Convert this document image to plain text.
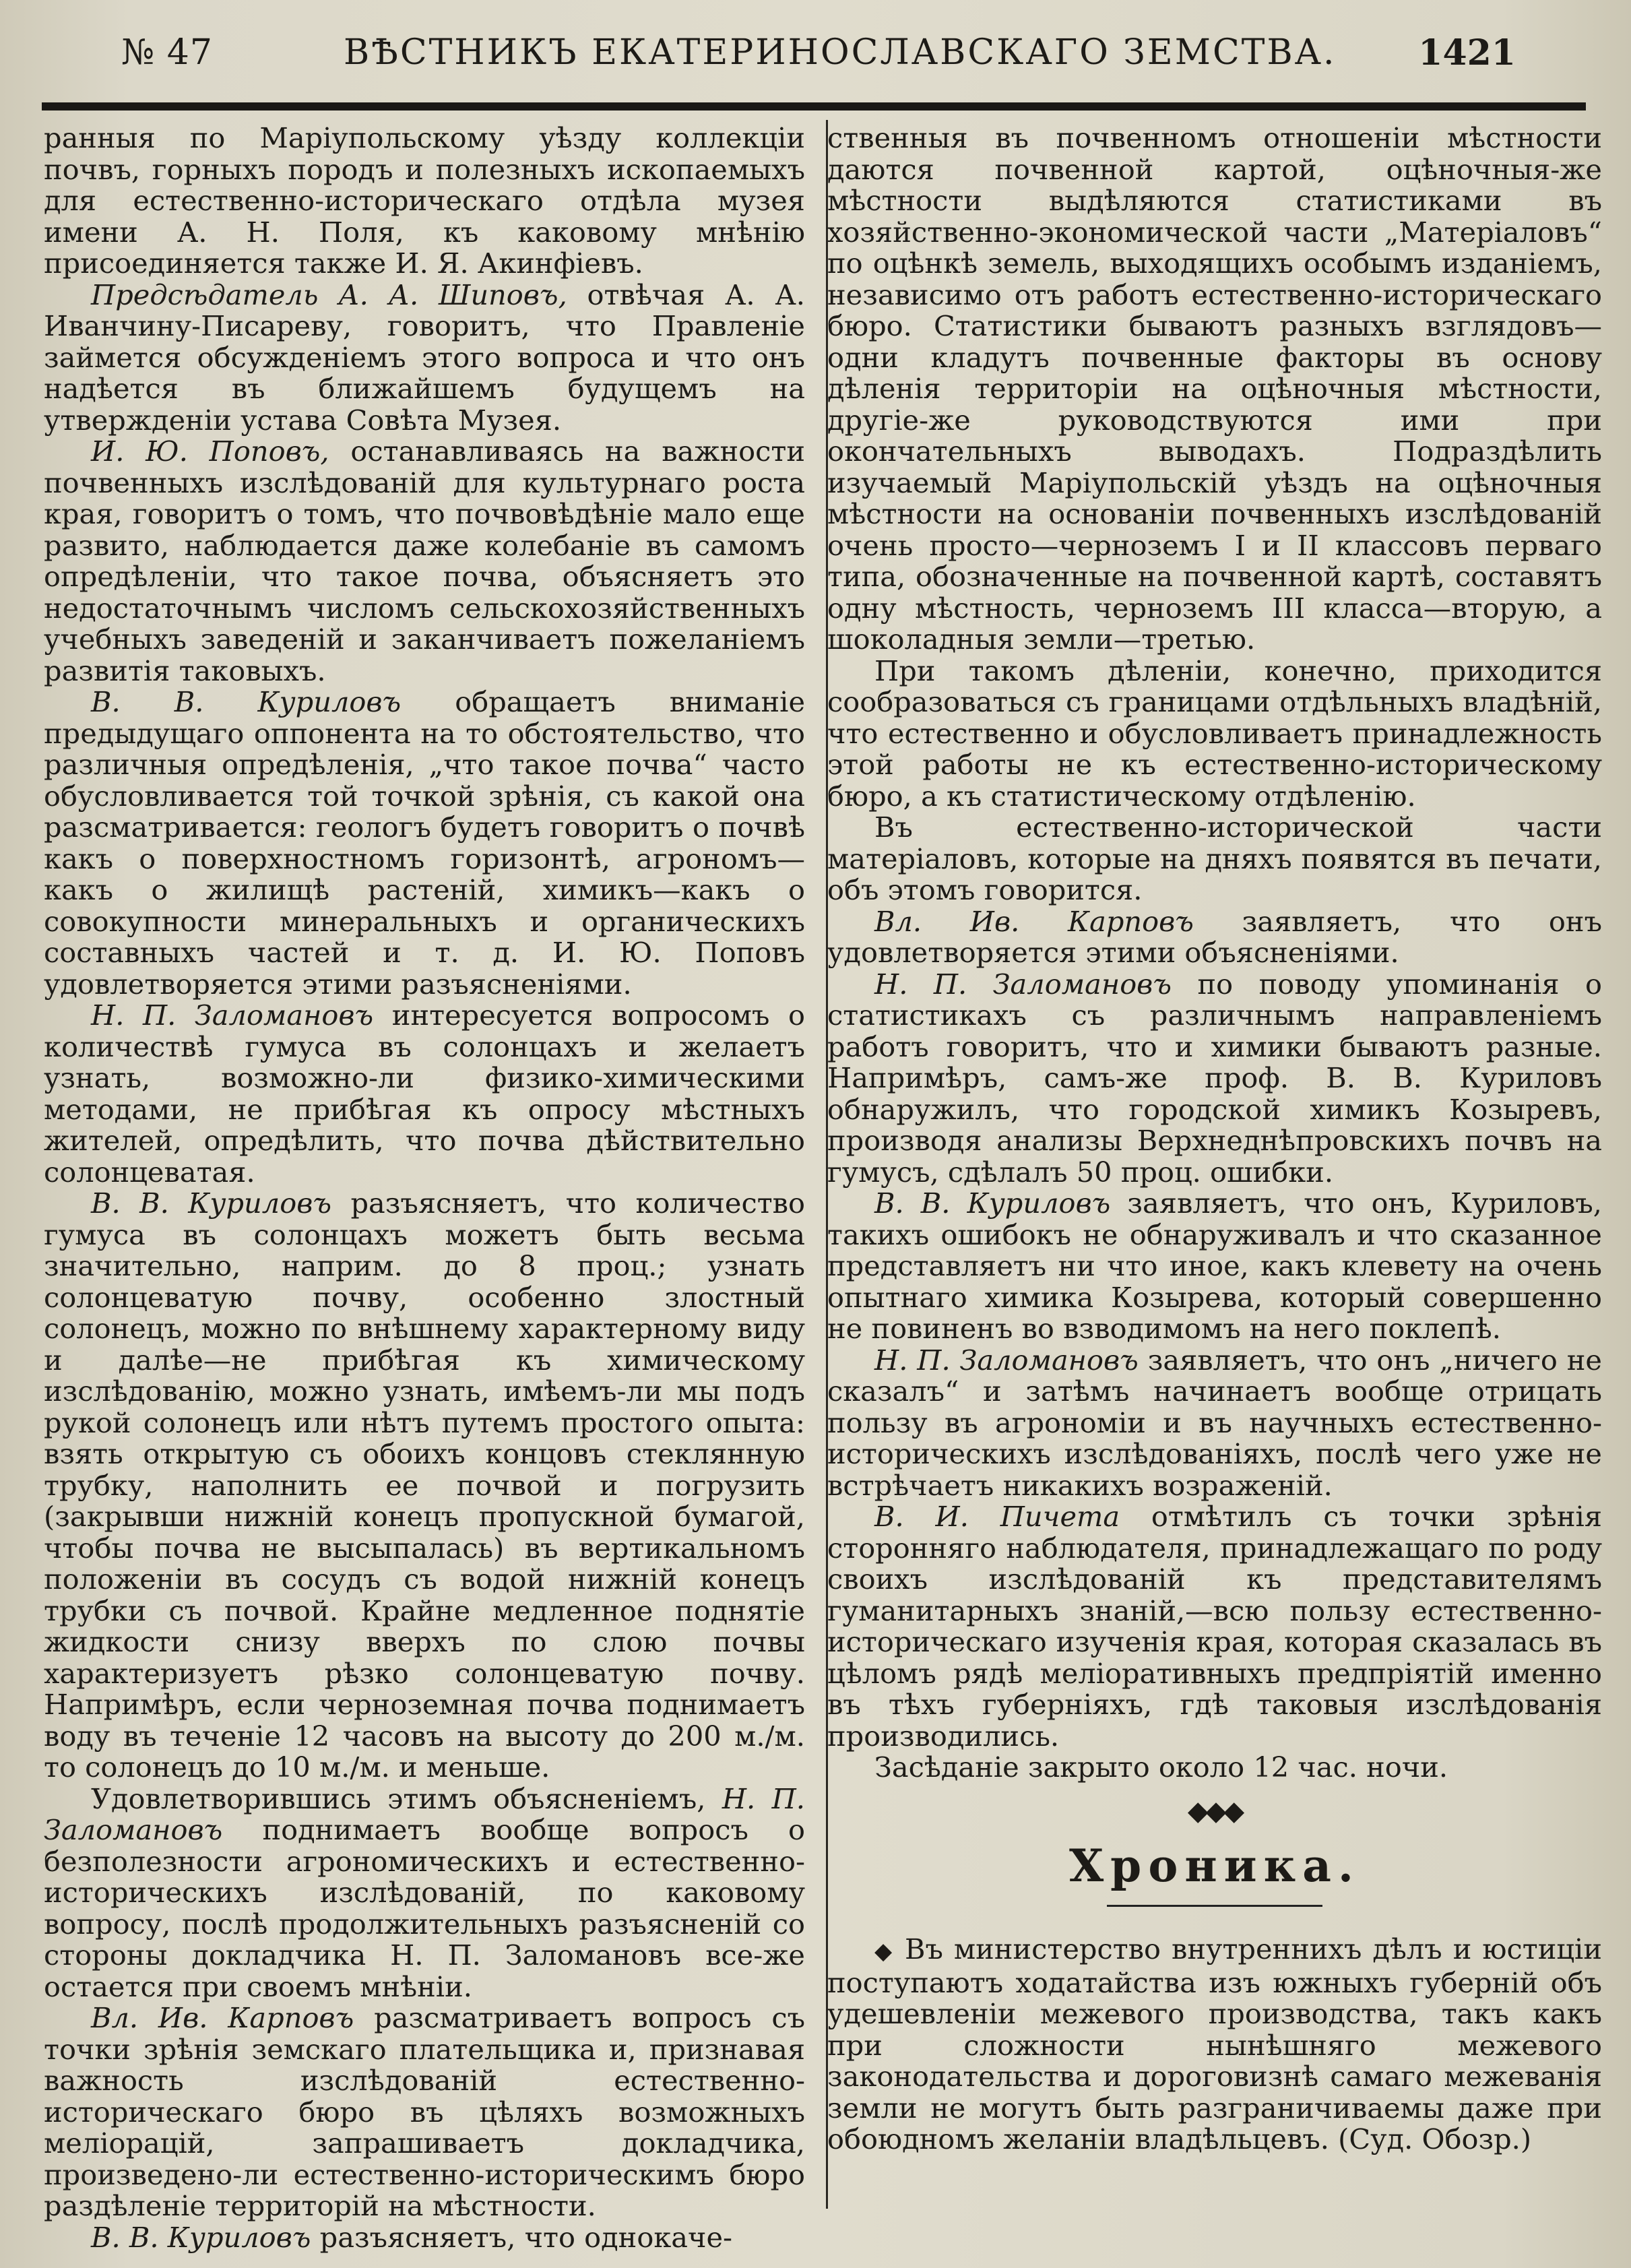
№ 47	ВѢСТНИКЪ ЕКАТЕРИНОСЛАВСКАГО ЗЕМСТВА.	1421

ранныя по Маріупольскому уѣзду коллекціи почвъ, горныхъ породъ и полезныхъ ископаемыхъ для естественно-историческаго отдѣла музея имени А. Н. Поля, къ каковому мнѣнію присоединяется также И. Я. Акинфіевъ.

Предсѣдатель А. А. Шиповъ, отвѣчая А. А. Иванчину-Писареву, говоритъ, что Правленіе займется обсужденіемъ этого вопроса и что онъ надѣется въ ближайшемъ будущемъ на утвержденіи устава Совѣта Музея.

И. Ю. Поповъ, останавливаясь на важности почвенныхъ изслѣдованій для культурнаго роста края, говоритъ о томъ, что почвовѣдѣніе мало еще развито, наблюдается даже колебаніе въ самомъ опредѣленіи, что такое почва, объясняетъ это недостаточнымъ числомъ сельскохозяйственныхъ учебныхъ заведеній и заканчиваетъ пожеланіемъ развитія таковыхъ.

В. В. Куриловъ обращаетъ вниманіе предыдущаго оппонента на то обстоятельство, что различныя опредѣленія, „что такое почва“ часто обусловливается той точкой зрѣнія, съ какой она разсматривается: геологъ будетъ говоритъ о почвѣ какъ о поверхностномъ горизонтѣ, агрономъ—какъ о жилищѣ растеній, химикъ—какъ о совокупности минеральныхъ и органическихъ составныхъ частей и т. д. И. Ю. Поповъ удовлетворяется этими разъясненіями.

Н. П. Заломановъ интересуется вопросомъ о количествѣ гумуса въ солонцахъ и желаетъ узнать, возможно-ли физико-химическими методами, не прибѣгая къ опросу мѣстныхъ жителей, опредѣлить, что почва дѣйствительно солонцеватая.

В. В. Куриловъ разъясняетъ, что количество гумуса въ солонцахъ можетъ быть весьма значительно, наприм. до 8 проц.; узнать солонцеватую почву, особенно злостный солонецъ, можно по внѣшнему характерному виду и далѣе—не прибѣгая къ химическому изслѣдованію, можно узнать, имѣемъ-ли мы подъ рукой солонецъ или нѣтъ путемъ простого опыта: взять открытую съ обоихъ концовъ стеклянную трубку, наполнить ее почвой и погрузить (закрывши нижній конецъ пропускной бумагой, чтобы почва не высыпалась) въ вертикальномъ положеніи въ сосудъ съ водой нижній конецъ трубки съ почвой. Крайне медленное поднятіе жидкости снизу вверхъ по слою почвы характеризуетъ рѣзко солонцеватую почву. Напримѣръ, если черноземная почва поднимаетъ воду въ теченіе 12 часовъ на высоту до 200 м./м. то солонецъ до 10 м./м. и меньше.

Удовлетворившись этимъ объясненіемъ, Н. П. Заломановъ поднимаетъ вообще вопросъ о безполезности агрономическихъ и естественно-историческихъ изслѣдованій, по каковому вопросу, послѣ продолжительныхъ разъясненій со стороны докладчика Н. П. Заломановъ все-же остается при своемъ мнѣніи.

Вл. Ив. Карповъ разсматриваетъ вопросъ съ точки зрѣнія земскаго плательщика и, признавая важность изслѣдованій естественно-историческаго бюро въ цѣляхъ возможныхъ меліорацій, запрашиваетъ докладчика, произведено-ли естественно-историческимъ бюро раздѣленіе территорій на мѣстности.

В. В. Куриловъ разъясняетъ, что однокаче-

ственныя въ почвенномъ отношеніи мѣстности даются почвенной картой, оцѣночныя-же мѣстности выдѣляются статистиками въ хозяйственно-экономической части „Матеріаловъ“ по оцѣнкѣ земель, выходящихъ особымъ изданіемъ, независимо отъ работъ естественно-историческаго бюро. Статистики бываютъ разныхъ взглядовъ—одни кладутъ почвенные факторы въ основу дѣленія территоріи на оцѣночныя мѣстности, другіе-же руководствуются ими при окончательныхъ выводахъ. Подраздѣлить изучаемый Маріупольскій уѣздъ на оцѣночныя мѣстности на основаніи почвенныхъ изслѣдованій очень просто—черноземъ I и II классовъ перваго типа, обозначенные на почвенной картѣ, составятъ одну мѣстность, черноземъ III класса—вторую, а шоколадныя земли—третью.

При такомъ дѣленіи, конечно, приходится сообразоваться съ границами отдѣльныхъ владѣній, что естественно и обусловливаетъ принадлежность этой работы не къ естественно-историческому бюро, а къ статистическому отдѣленію.

Въ естественно-исторической части матеріаловъ, которые на дняхъ появятся въ печати, объ этомъ говорится.

Вл. Ив. Карповъ заявляетъ, что онъ удовлетворяется этими объясненіями.

Н. П. Заломановъ по поводу упоминанія о статистикахъ съ различнымъ направленіемъ работъ говоритъ, что и химики бываютъ разные. Напримѣръ, самъ-же проф. В. В. Куриловъ обнаружилъ, что городской химикъ Козыревъ, производя анализы Верхнеднѣпровскихъ почвъ на гумусъ, сдѣлалъ 50 проц. ошибки.

В. В. Куриловъ заявляетъ, что онъ, Куриловъ, такихъ ошибокъ не обнаруживалъ и что сказанное представляетъ ни что иное, какъ клевету на очень опытнаго химика Козырева, который совершенно не повиненъ во взводимомъ на него поклепѣ.

Н. П. Заломановъ заявляетъ, что онъ „ничего не сказалъ“ и затѣмъ начинаетъ вообще отрицать пользу въ агрономіи и въ научныхъ естественно-историческихъ изслѣдованіяхъ, послѣ чего уже не встрѣчаетъ никакихъ возраженій.

В. И. Пичета отмѣтилъ съ точки зрѣнія сторонняго наблюдателя, принадлежащаго по роду своихъ изслѣдованій къ представителямъ гуманитарныхъ знаній,—всю пользу естественно-историческаго изученія края, которая сказалась въ цѣломъ рядѣ меліоративныхъ предпріятій именно въ тѣхъ губерніяхъ, гдѣ таковыя изслѣдованія производились.

Засѣданіе закрыто около 12 час. ночи.

◆◆◆
Хроника.

◆ Въ министерство внутреннихъ дѣлъ и юстиціи поступаютъ ходатайства изъ южныхъ губерній объ удешевленіи межевого производства, такъ какъ при сложности нынѣшняго межевого законодательства и дороговизнѣ самаго межеванія земли не могутъ быть разграничиваемы даже при обоюдномъ желаніи владѣльцевъ. (Суд. Обозр.)
